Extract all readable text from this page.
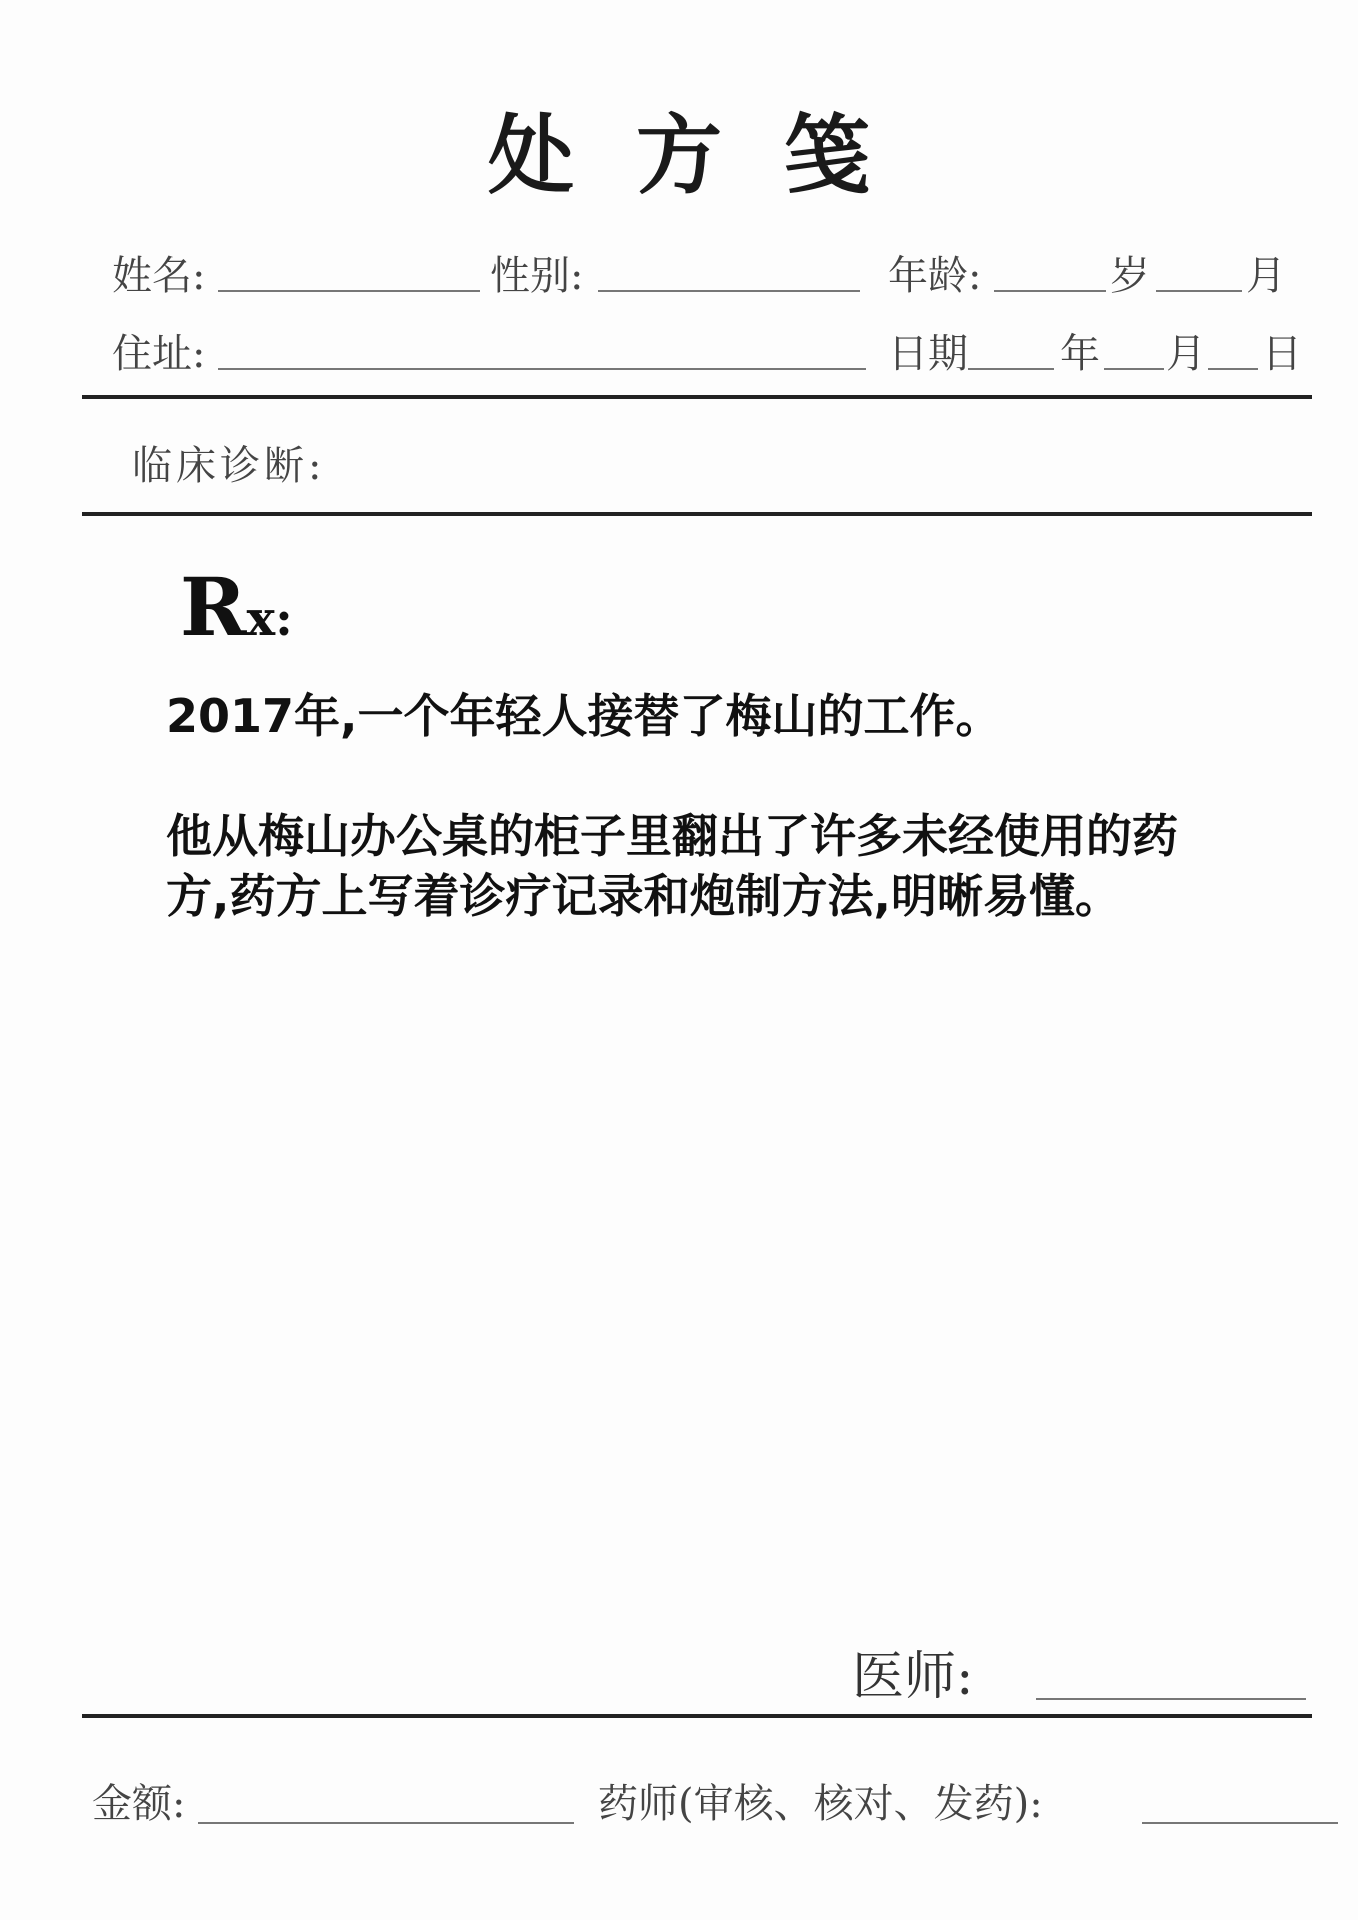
处方笺
姓名:	性别:	年龄:	岁 月
住址:	日期 年 月 日
临床诊断:
Rx:
2017年,一个年轻人接替了梅山的工作。
他从梅山办公桌的柜子里翻出了许多未经使用的药方,药方上写着诊疗记录和炮制方法,明晰易懂。
医师:
金额:	药师(审核、核对、发药):
